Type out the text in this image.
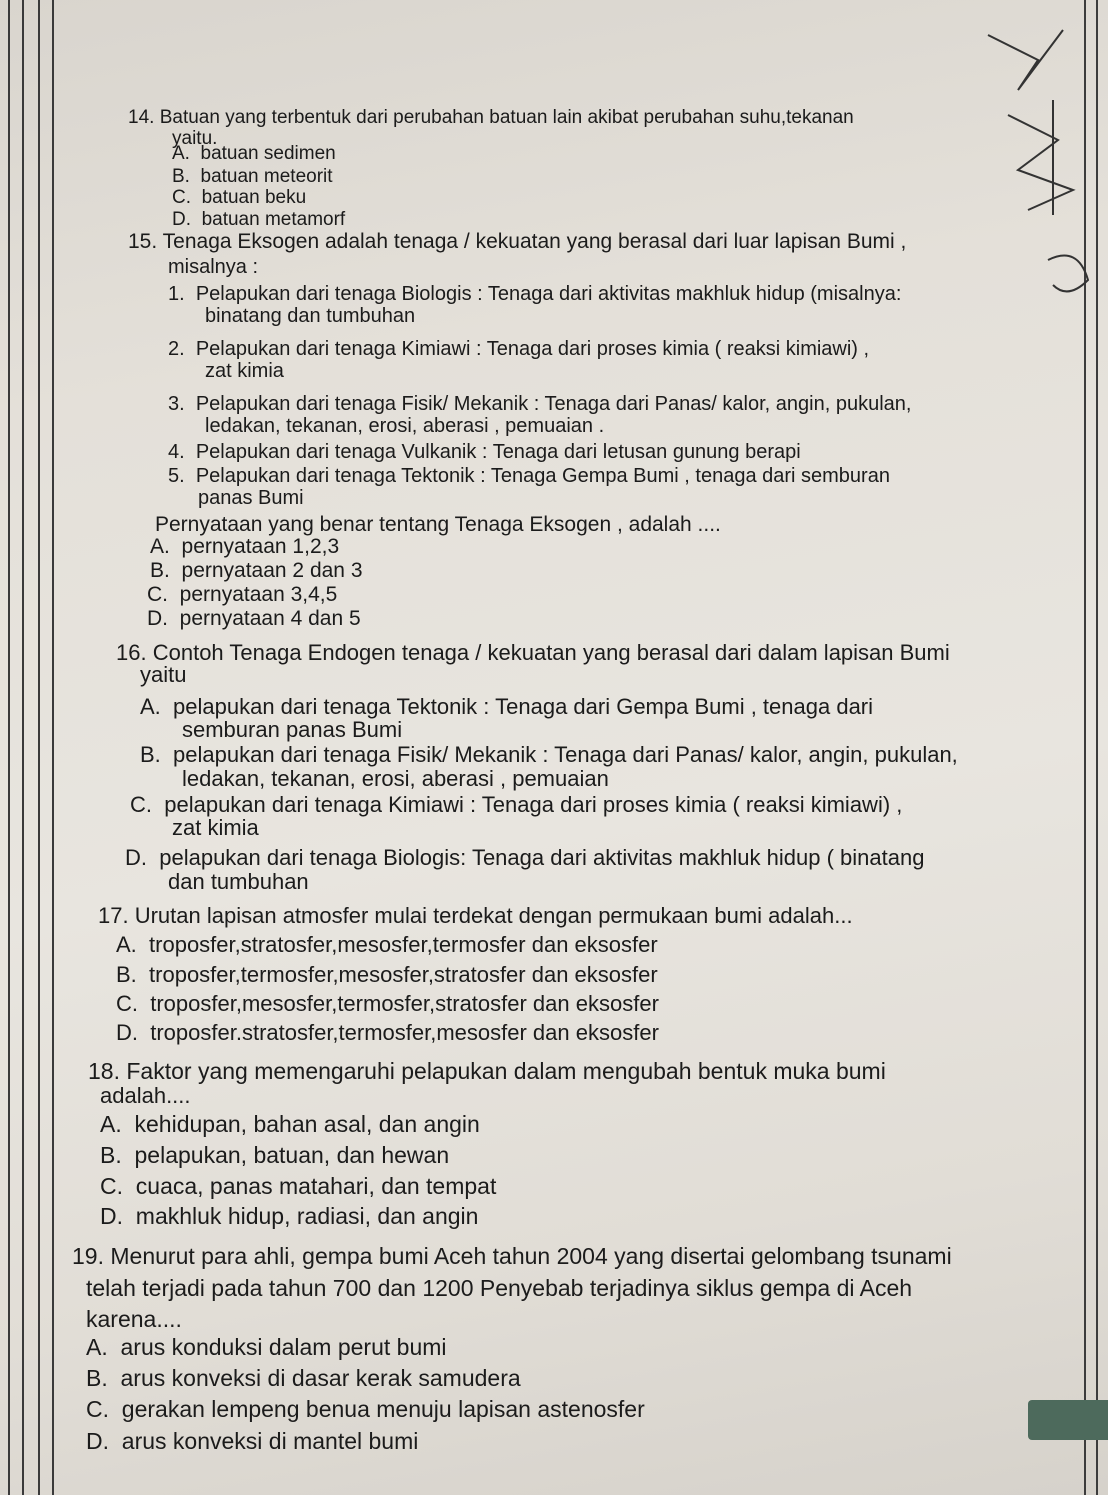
14. Batuan yang terbentuk dari perubahan batuan lain akibat perubahan suhu,tekanan
yaitu.
A. batuan sedimen
B. batuan meteorit
C. batuan beku
D. batuan metamorf
15. Tenaga Eksogen adalah tenaga / kekuatan yang berasal dari luar lapisan Bumi ,
misalnya :
1. Pelapukan dari tenaga Biologis : Tenaga dari aktivitas makhluk hidup (misalnya:
binatang dan tumbuhan
2. Pelapukan dari tenaga Kimiawi : Tenaga dari proses kimia ( reaksi kimiawi) ,
zat kimia
3. Pelapukan dari tenaga Fisik/ Mekanik : Tenaga dari Panas/ kalor, angin, pukulan,
ledakan, tekanan, erosi, aberasi , pemuaian .
4. Pelapukan dari tenaga Vulkanik : Tenaga dari letusan gunung berapi
5. Pelapukan dari tenaga Tektonik : Tenaga Gempa Bumi , tenaga dari semburan
panas Bumi
Pernyataan yang benar tentang Tenaga Eksogen , adalah ....
A. pernyataan 1,2,3
B. pernyataan 2 dan 3
C. pernyataan 3,4,5
D. pernyataan 4 dan 5
16. Contoh Tenaga Endogen tenaga / kekuatan yang berasal dari dalam lapisan Bumi
yaitu
A. pelapukan dari tenaga Tektonik : Tenaga dari Gempa Bumi , tenaga dari
semburan panas Bumi
B. pelapukan dari tenaga Fisik/ Mekanik : Tenaga dari Panas/ kalor, angin, pukulan,
ledakan, tekanan, erosi, aberasi , pemuaian
C. pelapukan dari tenaga Kimiawi : Tenaga dari proses kimia ( reaksi kimiawi) ,
zat kimia
D. pelapukan dari tenaga Biologis: Tenaga dari aktivitas makhluk hidup ( binatang
dan tumbuhan
17. Urutan lapisan atmosfer mulai terdekat dengan permukaan bumi adalah...
A. troposfer,stratosfer,mesosfer,termosfer dan eksosfer
B. troposfer,termosfer,mesosfer,stratosfer dan eksosfer
C. troposfer,mesosfer,termosfer,stratosfer dan eksosfer
D. troposfer.stratosfer,termosfer,mesosfer dan eksosfer
18. Faktor yang memengaruhi pelapukan dalam mengubah bentuk muka bumi
adalah....
A. kehidupan, bahan asal, dan angin
B. pelapukan, batuan, dan hewan
C. cuaca, panas matahari, dan tempat
D. makhluk hidup, radiasi, dan angin
19. Menurut para ahli, gempa bumi Aceh tahun 2004 yang disertai gelombang tsunami
telah terjadi pada tahun 700 dan 1200 Penyebab terjadinya siklus gempa di Aceh
karena....
A. arus konduksi dalam perut bumi
B. arus konveksi di dasar kerak samudera
C. gerakan lempeng benua menuju lapisan astenosfer
D. arus konveksi di mantel bumi
